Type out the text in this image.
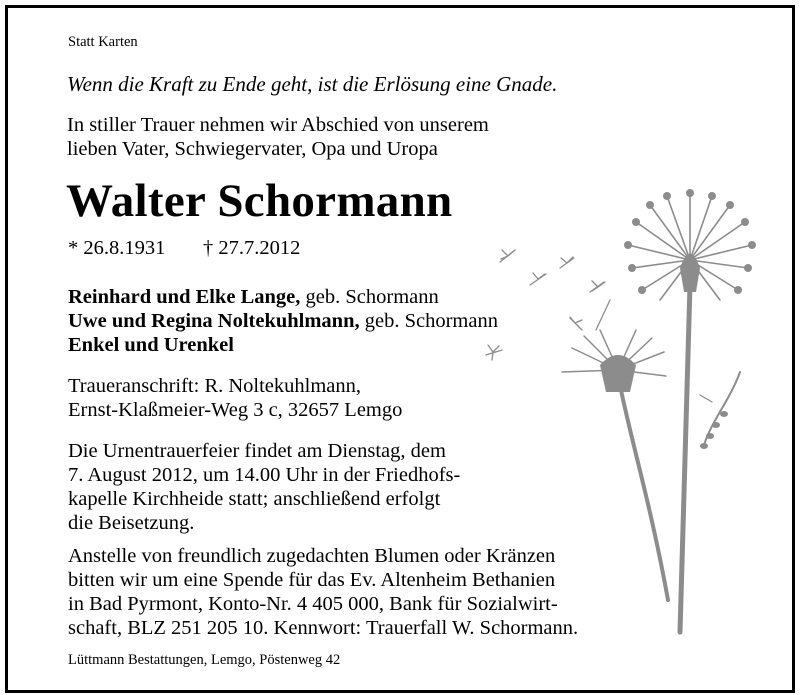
Statt Karten
Wenn die Kraft zu Ende geht, ist die Erlösung eine Gnade.
In stiller Trauer nehmen wir Abschied von unserem
lieben Vater, Schwiegervater, Opa und Uropa
Walter Schormann
* 26.8.1931 † 27.7.2012
Reinhard und Elke Lange, geb. Schormann
Uwe und Regina Noltekuhlmann, geb. Schormann
Enkel und Urenkel
Traueranschrift: R. Noltekuhlmann,
Ernst-Klaßmeier-Weg 3 c, 32657 Lemgo
Die Urnentrauerfeier findet am Dienstag, dem
7. August 2012, um 14.00 Uhr in der Friedhofs-
kapelle Kirchheide statt; anschließend erfolgt
die Beisetzung.
Anstelle von freundlich zugedachten Blumen oder Kränzen
bitten wir um eine Spende für das Ev. Altenheim Bethanien
in Bad Pyrmont, Konto-Nr. 4 405 000, Bank für Sozialwirt-
schaft, BLZ 251 205 10. Kennwort: Trauerfall W. Schormann.
Lüttmann Bestattungen, Lemgo, Pöstenweg 42
